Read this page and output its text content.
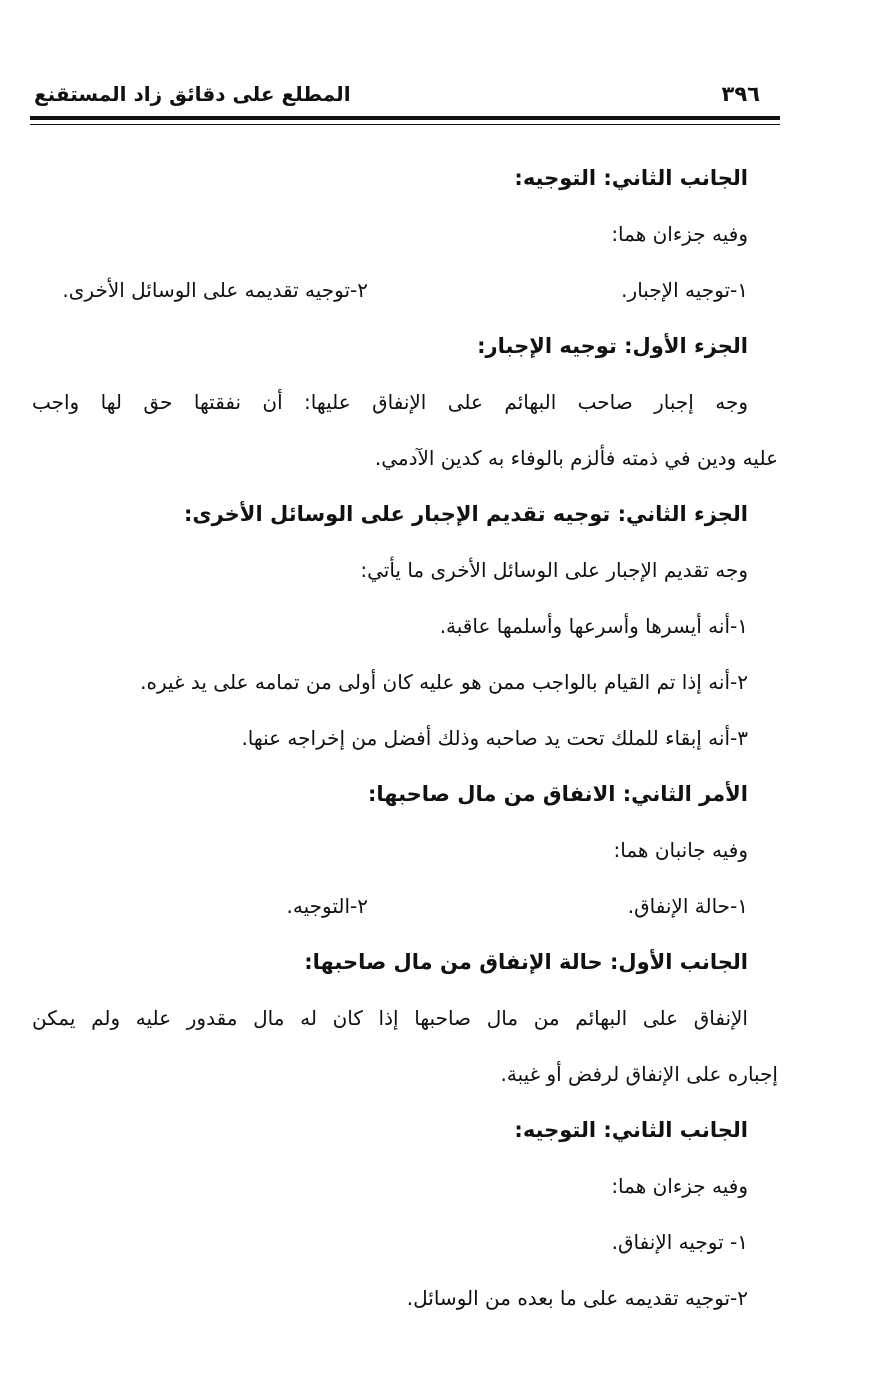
٣٩٦
المطلع على دقائق زاد المستقنع
الجانب الثاني: التوجيه:
وفيه جزءان هما:
١-توجيه الإجبار.٢-توجيه تقديمه على الوسائل الأخرى.
الجزء الأول: توجيه الإجبار:
وجه إجبار صاحب البهائم على الإنفاق عليها: أن نفقتها حق لها واجب
عليه ودين في ذمته فألزم بالوفاء به كدين الآدمي.
الجزء الثاني: توجيه تقديم الإجبار على الوسائل الأخرى:
وجه تقديم الإجبار على الوسائل الأخرى ما يأتي:
١-أنه أيسرها وأسرعها وأسلمها عاقبة.
٢-أنه إذا تم القيام بالواجب ممن هو عليه كان أولى من تمامه على يد غيره.
٣-أنه إبقاء للملك تحت يد صاحبه وذلك أفضل من إخراجه عنها.
الأمر الثاني: الانفاق من مال صاحبها:
وفيه جانبان هما:
١-حالة الإنفاق.٢-التوجيه.
الجانب الأول: حالة الإنفاق من مال صاحبها:
الإنفاق على البهائم من مال صاحبها إذا كان له مال مقدور عليه ولم يمكن
إجباره على الإنفاق لرفض أو غيبة.
الجانب الثاني: التوجيه:
وفيه جزءان هما:
١- توجيه الإنفاق.
٢-توجيه تقديمه على ما بعده من الوسائل.
